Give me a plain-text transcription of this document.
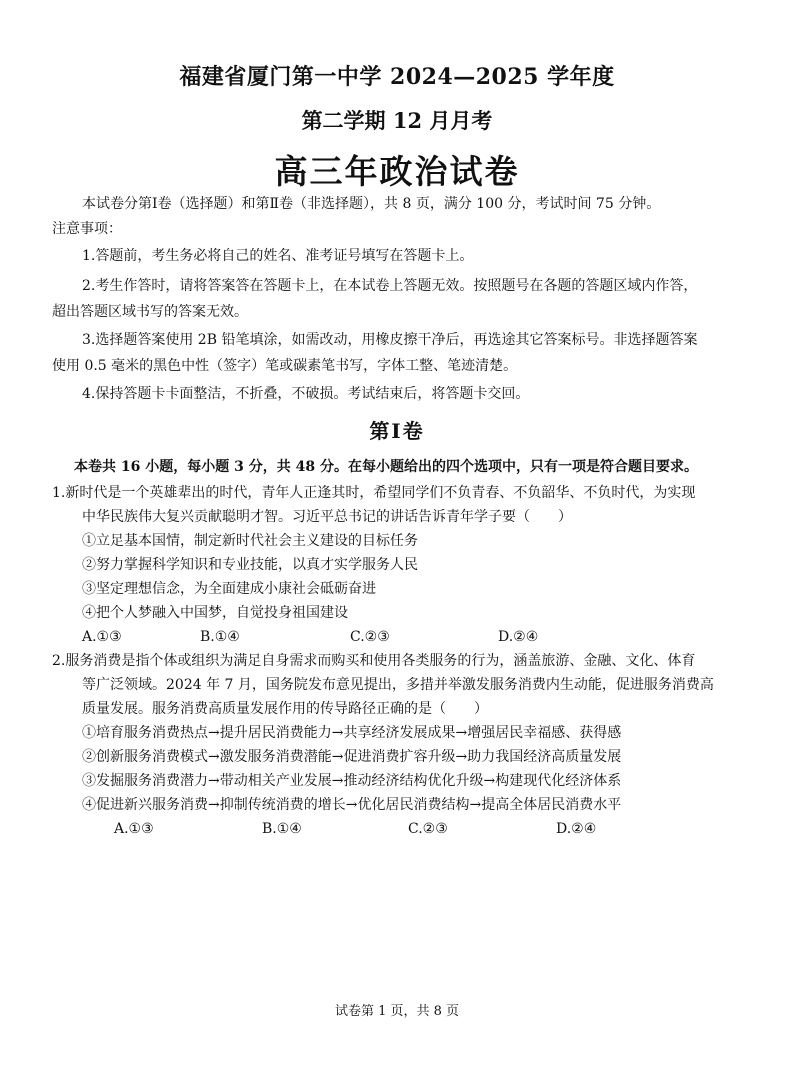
福建省厦门第一中学 2024—2025 学年度
第二学期 12 月月考
高三年政治试卷
本试卷分第Ⅰ卷（选择题）和第Ⅱ卷（非选择题），共 8 页，满分 100 分，考试时间 75 分钟。
注意事项：
1.答题前，考生务必将自己的姓名、准考证号填写在答题卡上。
2.考生作答时，请将答案答在答题卡上，在本试卷上答题无效。按照题号在各题的答题区域内作答，
超出答题区域书写的答案无效。
3.选择题答案使用 2B 铅笔填涂，如需改动，用橡皮擦干净后，再选途其它答案标号。非选择题答案
使用 0.5 毫米的黑色中性（签字）笔或碳素笔书写，字体工整、笔迹清楚。
4.保持答题卡卡面整洁，不折叠，不破损。考试结束后，将答题卡交回。
第Ⅰ卷
本卷共 16 小题，每小题 3 分，共 48 分。在每小题给出的四个选项中，只有一项是符合题目要求。
1.新时代是一个英雄辈出的时代，青年人正逢其时，希望同学们不负青春、不负韶华、不负时代，为实现
中华民族伟大复兴贡献聪明才智。习近平总书记的讲话告诉青年学子要（　　）
①立足基本国情，制定新时代社会主义建设的目标任务
②努力掌握科学知识和专业技能，以真才实学服务人民
③坚定理想信念，为全面建成小康社会砥砺奋进
④把个人梦融入中国梦，自觉投身祖国建设
A.①③	B.①④	C.②③	D.②④
2.服务消费是指个体或组织为满足自身需求而购买和使用各类服务的行为，涵盖旅游、金融、文化、体育
等广泛领域。2024 年 7 月，国务院发布意见提出，多措并举激发服务消费内生动能，促进服务消费高
质量发展。服务消费高质量发展作用的传导路径正确的是（　　）
①培育服务消费热点→提升居民消费能力→共享经济发展成果→增强居民幸福感、获得感
②创新服务消费模式→激发服务消费潜能→促进消费扩容升级→助力我国经济高质量发展
③发掘服务消费潜力→带动相关产业发展→推动经济结构优化升级→构建现代化经济体系
④促进新兴服务消费→抑制传统消费的增长→优化居民消费结构→提高全体居民消费水平
A.①③	B.①④	C.②③	D.②④
试卷第 1 页，共 8 页
